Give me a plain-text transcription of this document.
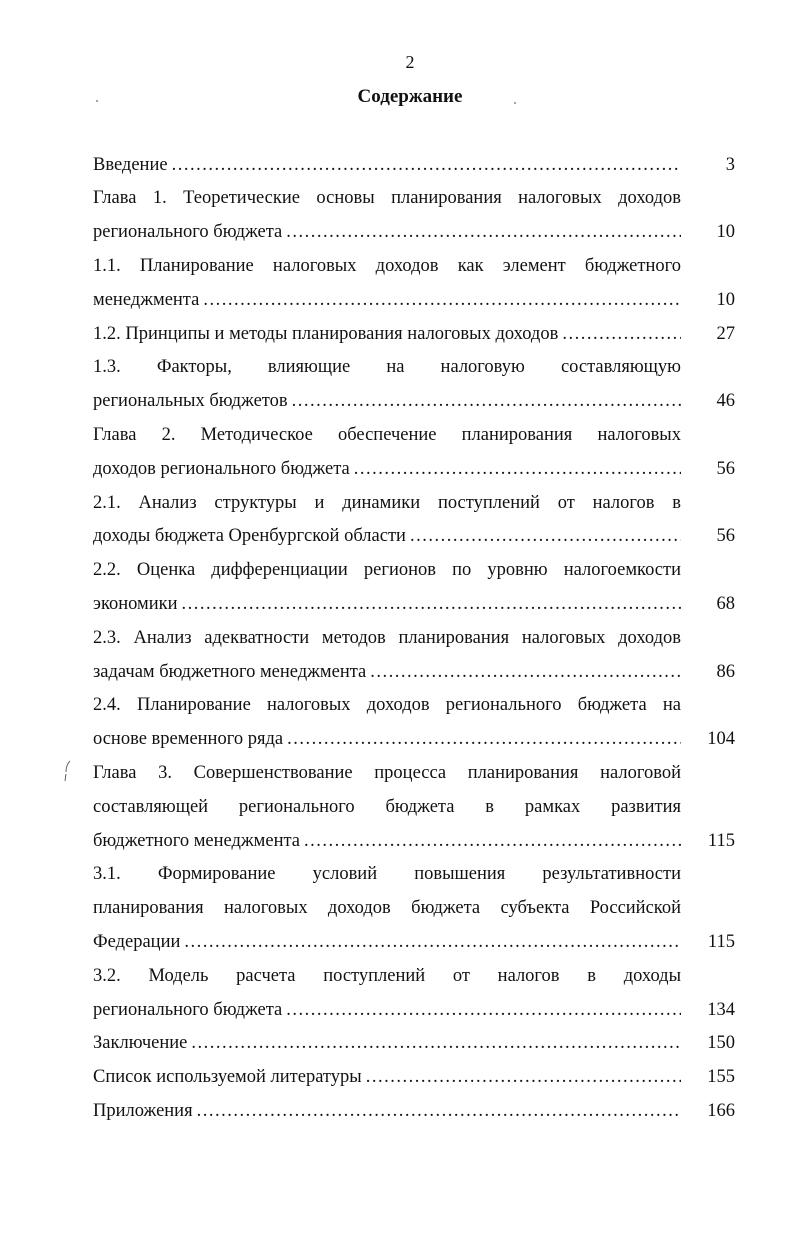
2
Содержание
Введение .....	3
Глава 1. Теоретические основы планирования налоговых доходов
регионального бюджета .....	10
1.1. Планирование налоговых доходов как элемент бюджетного
менеджмента .....	10
1.2. Принципы и методы планирования налоговых доходов .....	27
1.3. Факторы, влияющие на налоговую составляющую
региональных бюджетов .....	46
Глава 2. Методическое обеспечение планирования налоговых
доходов регионального бюджета .....	56
2.1. Анализ структуры и динамики поступлений от налогов в
доходы бюджета Оренбургской области .....	56
2.2. Оценка дифференциации регионов по уровню налогоемкости
экономики .....	68
2.3. Анализ адекватности методов планирования налоговых доходов
задачам бюджетного менеджмента .....	86
2.4. Планирование налоговых доходов регионального бюджета на
основе временного ряда .....	104
Глава 3. Совершенствование процесса планирования налоговой
составляющей регионального бюджета в рамках развития
бюджетного менеджмента .....	115
3.1. Формирование условий повышения результативности
планирования налоговых доходов бюджета субъекта Российской
Федерации .....	115
3.2. Модель расчета поступлений от налогов в доходы
регионального бюджета .....	134
Заключение .....	150
Список используемой литературы .....	155
Приложения .....	166
